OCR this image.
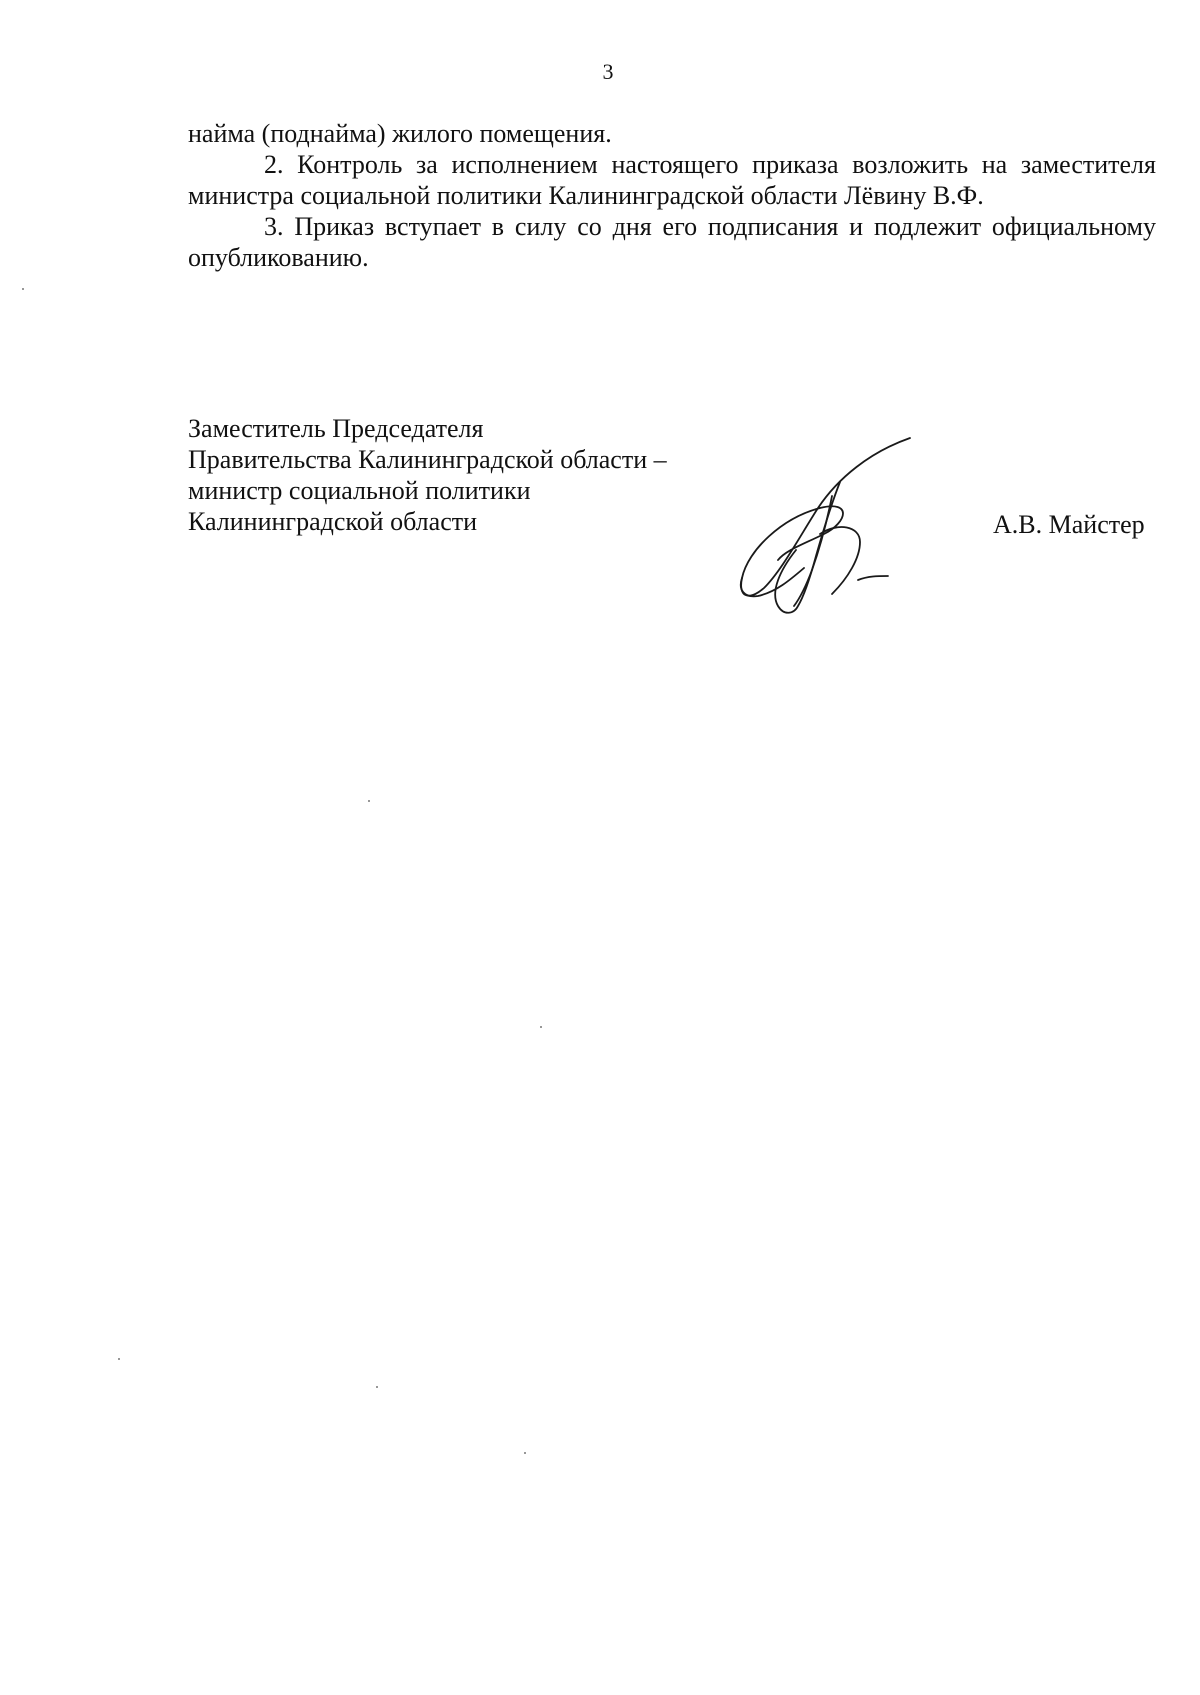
3

найма (поднайма) жилого помещения.

2. Контроль за исполнением настоящего приказа возложить на заместителя министра социальной политики Калининградской области Лёвину В.Ф.

3. Приказ вступает в силу со дня его подписания и подлежит официальному опубликованию.

Заместитель Председателя
Правительства Калининградской области –
министр социальной политики
Калининградской области	А.В. Майстер
